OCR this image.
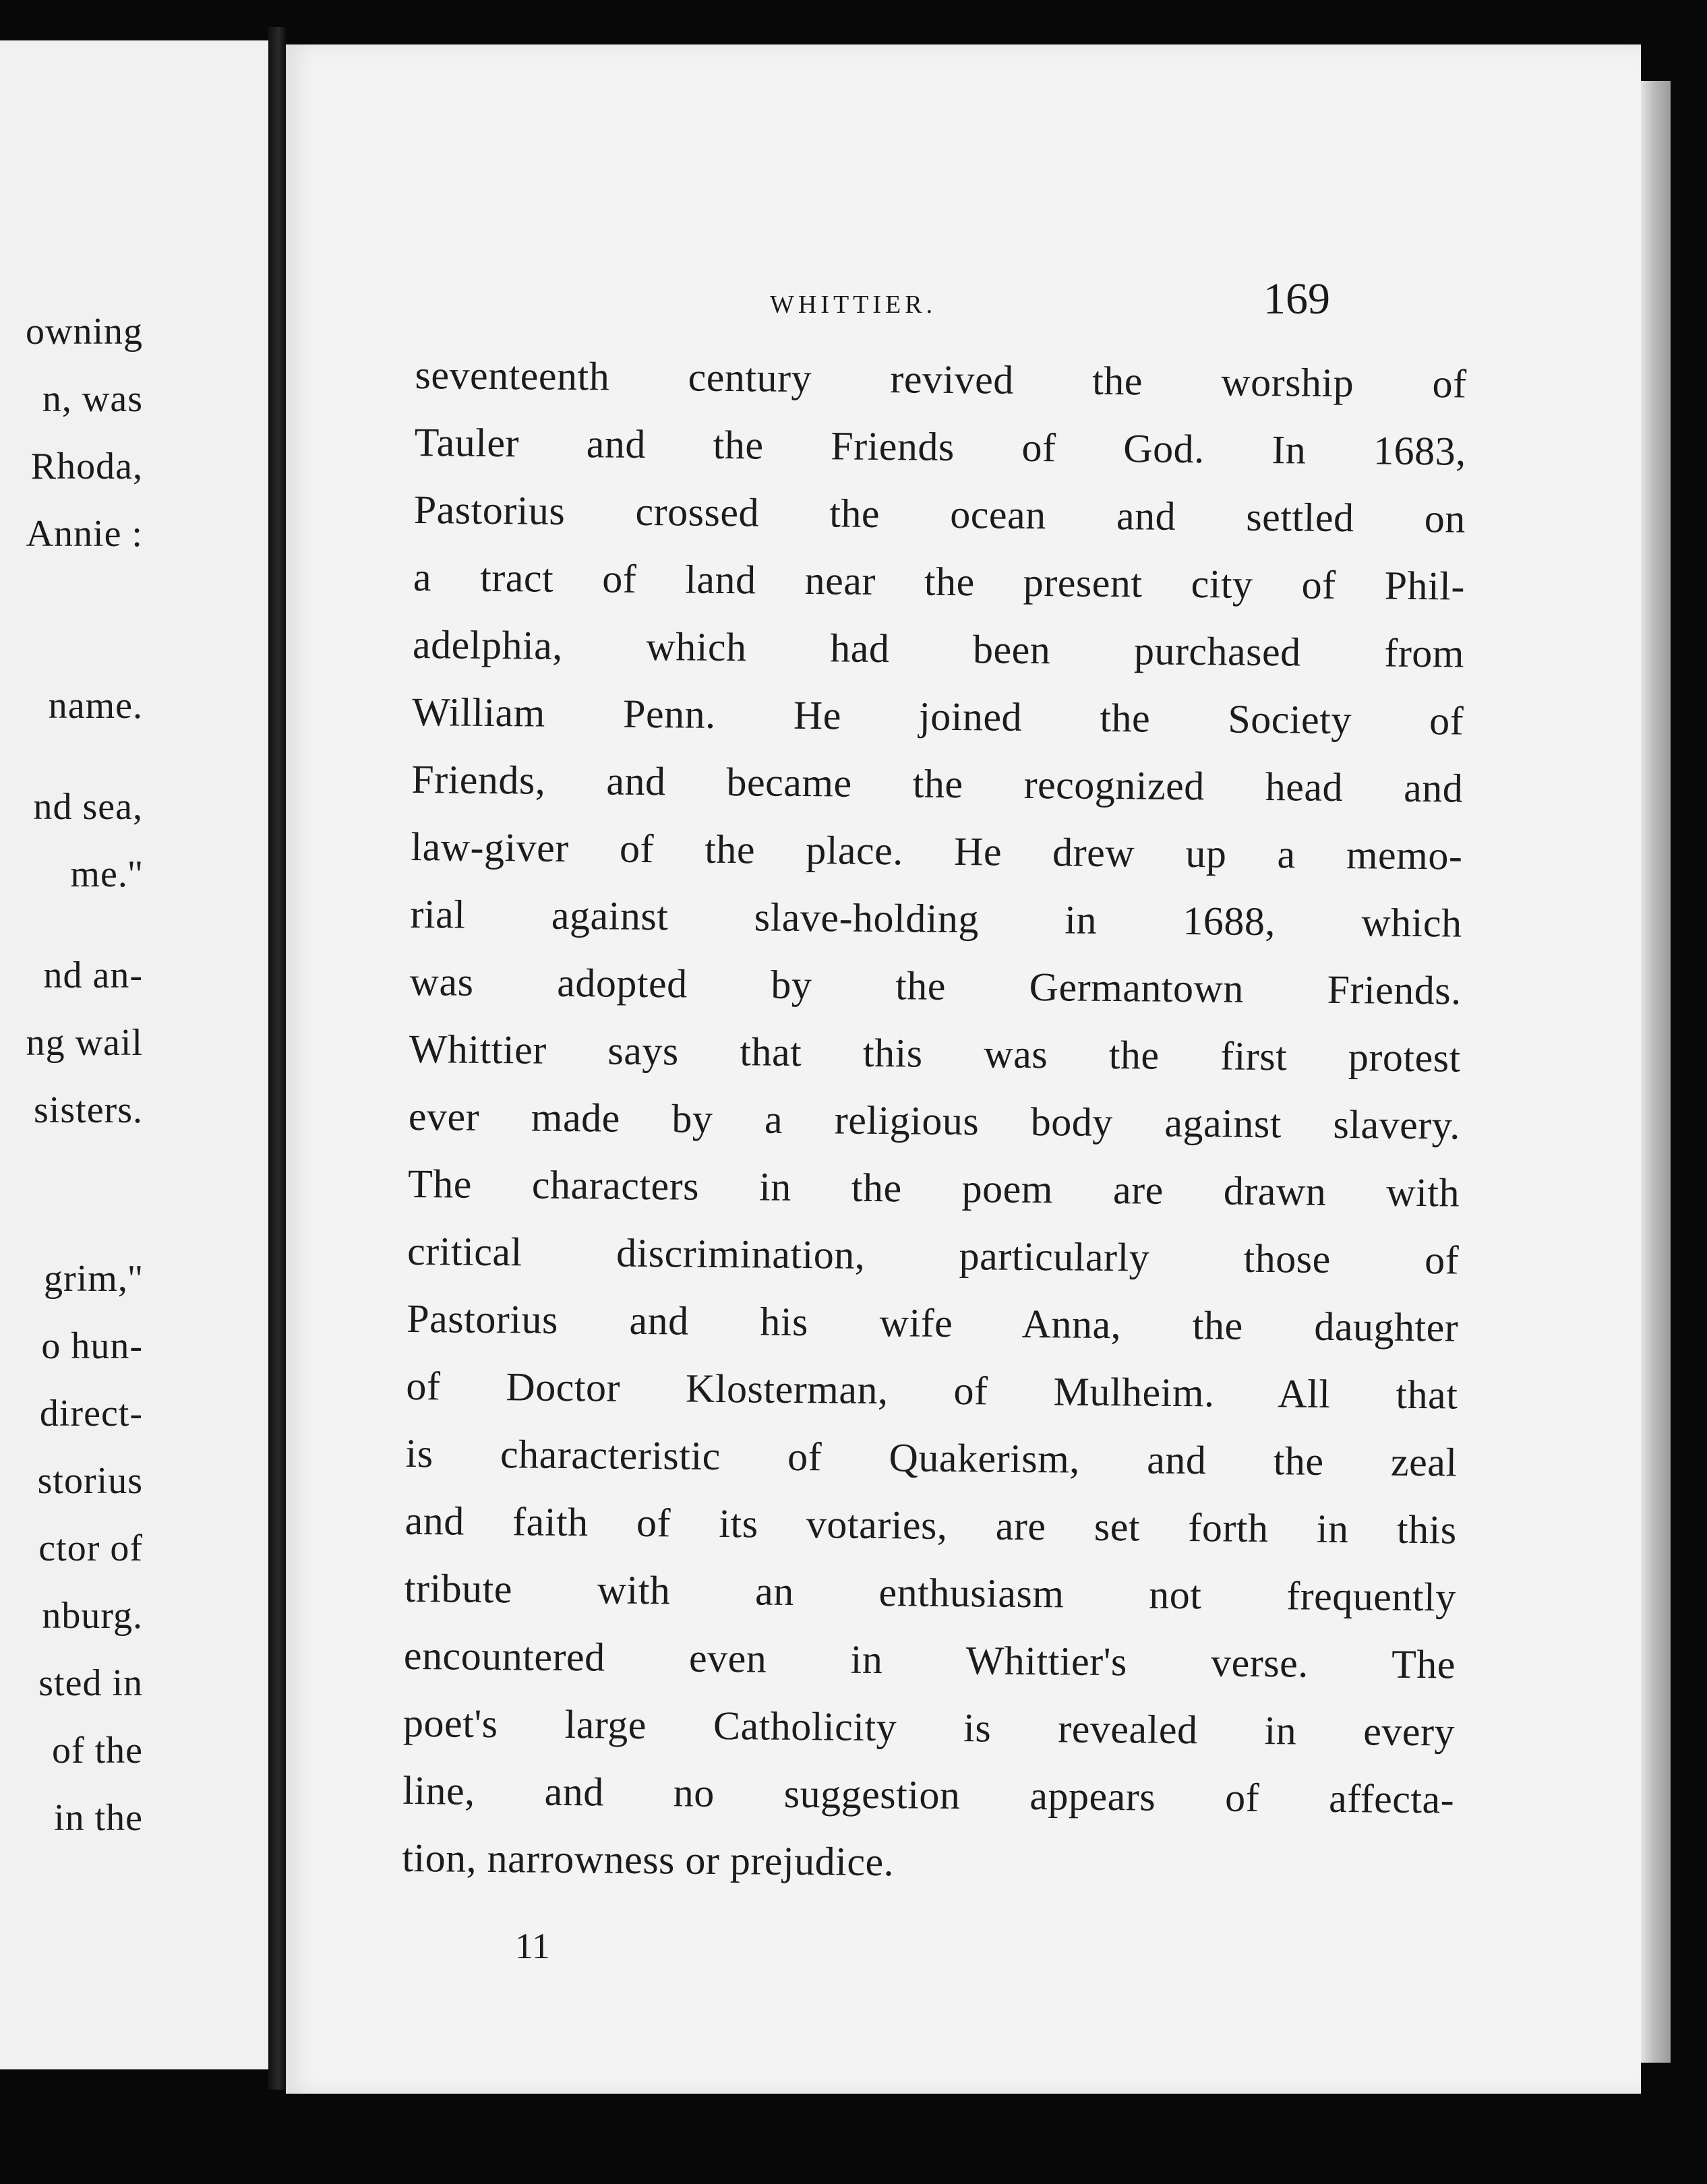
owning
n, was
Rhoda,
Annie :
name.
nd sea,
me.''
nd an-
ng wail
sisters.
grim,''
o hun-
direct-
storius
ctor of
nburg.
sted in
of the
in the
WHITTIER.	169
seventeenth century revived the worship of
Tauler and the Friends of God. In 1683,
Pastorius crossed the ocean and settled on
a tract of land near the present city of Phil-
adelphia, which had been purchased from
William Penn. He joined the Society of
Friends, and became the recognized head and
law-giver of the place. He drew up a memo-
rial against slave-holding in 1688, which
was adopted by the Germantown Friends.
Whittier says that this was the first protest
ever made by a religious body against slavery.
The characters in the poem are drawn with
critical discrimination, particularly those of
Pastorius and his wife Anna, the daughter
of Doctor Klosterman, of Mulheim. All that
is characteristic of Quakerism, and the zeal
and faith of its votaries, are set forth in this
tribute with an enthusiasm not frequently
encountered even in Whittier's verse. The
poet's large Catholicity is revealed in every
line, and no suggestion appears of affecta-
tion, narrowness or prejudice.
11
